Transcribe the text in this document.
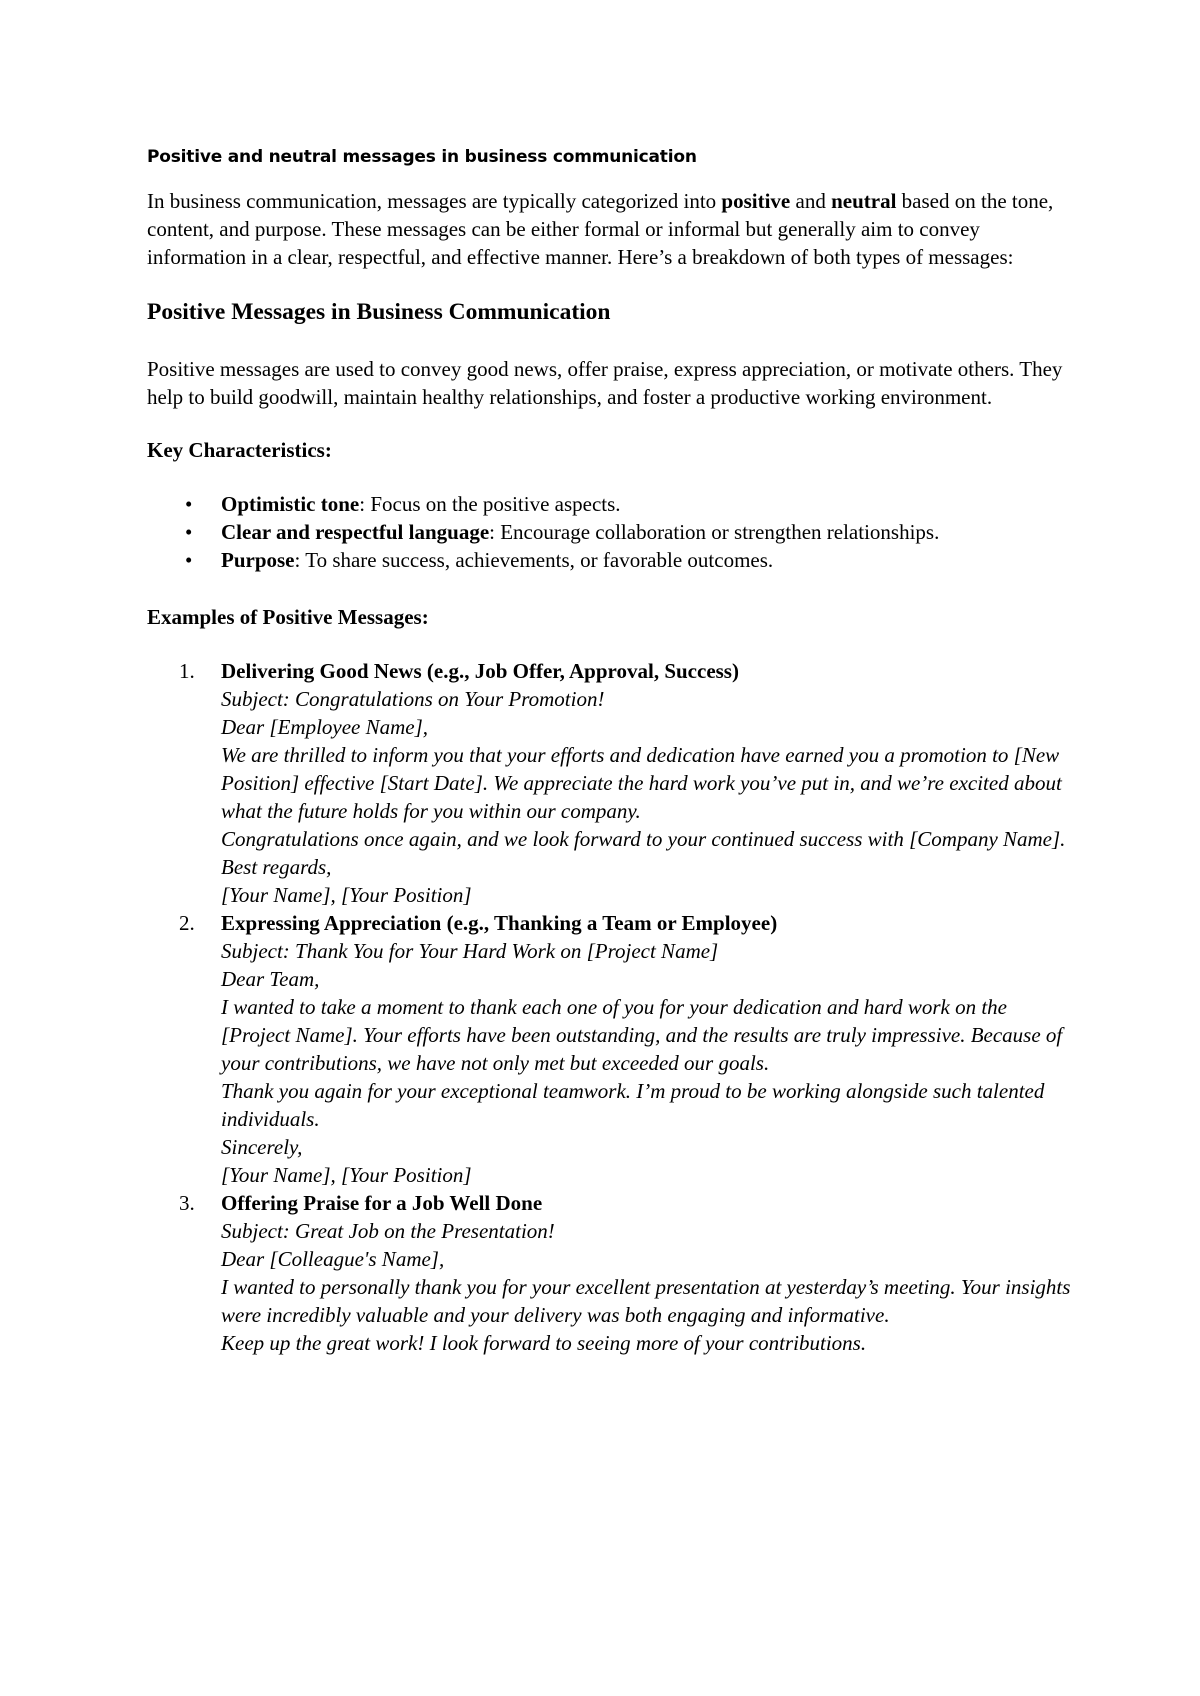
Positive and neutral messages in business communication

In business communication, messages are typically categorized into positive and neutral based on the tone, content, and purpose. These messages can be either formal or informal but generally aim to convey information in a clear, respectful, and effective manner. Here’s a breakdown of both types of messages:

Positive Messages in Business Communication

Positive messages are used to convey good news, offer praise, express appreciation, or motivate others. They help to build goodwill, maintain healthy relationships, and foster a productive working environment.

Key Characteristics:
• Optimistic tone: Focus on the positive aspects.
• Clear and respectful language: Encourage collaboration or strengthen relationships.
• Purpose: To share success, achievements, or favorable outcomes.
Examples of Positive Messages:
1. Delivering Good News (e.g., Job Offer, Approval, Success)
Subject: Congratulations on Your Promotion!
Dear [Employee Name],
We are thrilled to inform you that your efforts and dedication have earned you a promotion to [New Position] effective [Start Date]. We appreciate the hard work you’ve put in, and we’re excited about what the future holds for you within our company.
Congratulations once again, and we look forward to your continued success with [Company Name].
Best regards,
[Your Name], [Your Position]
2. Expressing Appreciation (e.g., Thanking a Team or Employee)
Subject: Thank You for Your Hard Work on [Project Name]
Dear Team,
I wanted to take a moment to thank each one of you for your dedication and hard work on the [Project Name]. Your efforts have been outstanding, and the results are truly impressive. Because of your contributions, we have not only met but exceeded our goals.
Thank you again for your exceptional teamwork. I’m proud to be working alongside such talented individuals.
Sincerely,
[Your Name], [Your Position]
3. Offering Praise for a Job Well Done
Subject: Great Job on the Presentation!
Dear [Colleague's Name],
I wanted to personally thank you for your excellent presentation at yesterday’s meeting. Your insights were incredibly valuable and your delivery was both engaging and informative.
Keep up the great work! I look forward to seeing more of your contributions.
